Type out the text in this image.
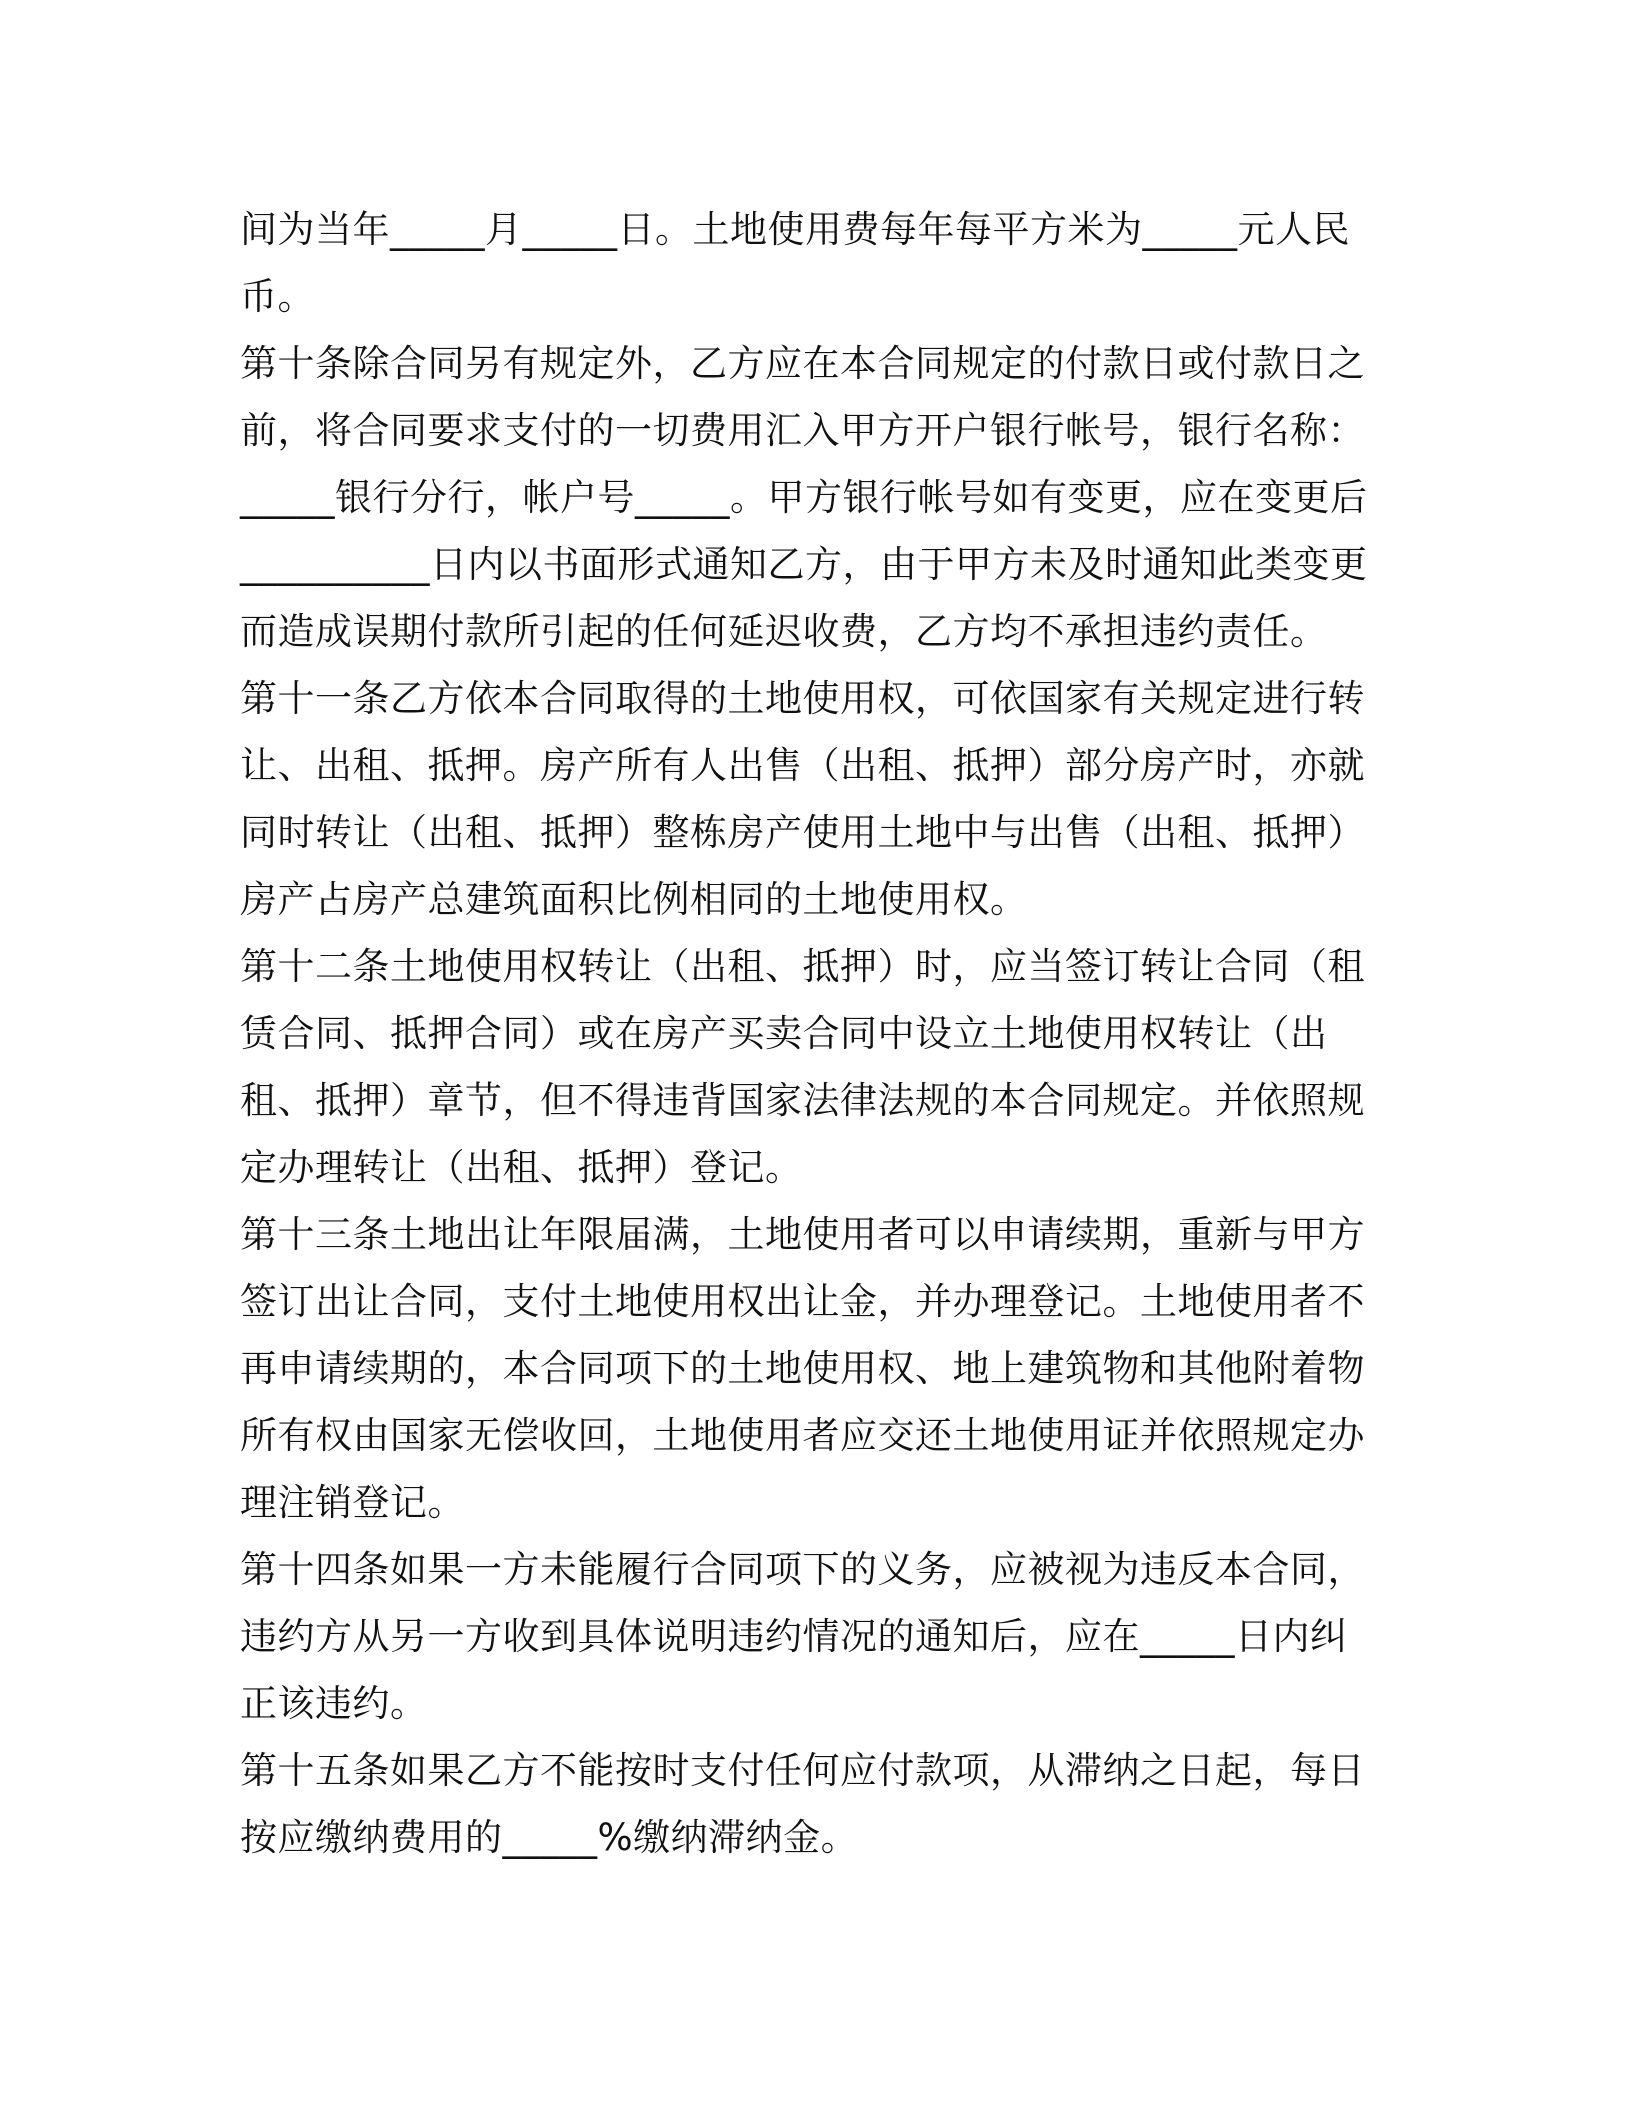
间为当年_____月_____日。土地使用费每年每平方米为_____元人民币。

第十条除合同另有规定外，乙方应在本合同规定的付款日或付款日之前，将合同要求支付的一切费用汇入甲方开户银行帐号，银行名称：_____银行分行，帐户号_____。甲方银行帐号如有变更，应在变更后__________日内以书面形式通知乙方，由于甲方未及时通知此类变更而造成误期付款所引起的任何延迟收费，乙方均不承担违约责任。

第十一条乙方依本合同取得的土地使用权，可依国家有关规定进行转让、出租、抵押。房产所有人出售（出租、抵押）部分房产时，亦就同时转让（出租、抵押）整栋房产使用土地中与出售（出租、抵押）房产占房产总建筑面积比例相同的土地使用权。

第十二条土地使用权转让（出租、抵押）时，应当签订转让合同（租赁合同、抵押合同）或在房产买卖合同中设立土地使用权转让（出租、抵押）章节，但不得违背国家法律法规的本合同规定。并依照规定办理转让（出租、抵押）登记。

第十三条土地出让年限届满，土地使用者可以申请续期，重新与甲方签订出让合同，支付土地使用权出让金，并办理登记。土地使用者不再申请续期的，本合同项下的土地使用权、地上建筑物和其他附着物所有权由国家无偿收回，土地使用者应交还土地使用证并依照规定办理注销登记。

第十四条如果一方未能履行合同项下的义务，应被视为违反本合同，违约方从另一方收到具体说明违约情况的通知后，应在_____日内纠正该违约。

第十五条如果乙方不能按时支付任何应付款项，从滞纳之日起，每日按应缴纳费用的_____%缴纳滞纳金。
